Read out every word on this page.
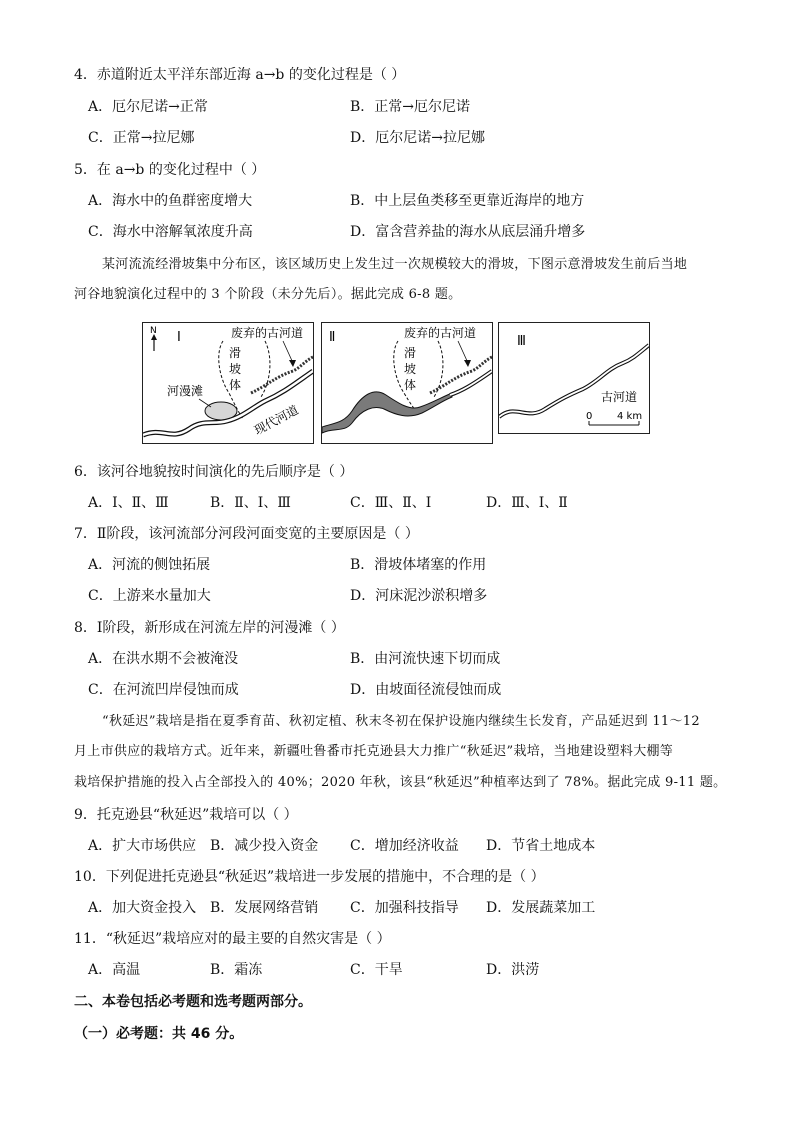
4．赤道附近太平洋东部近海 a→b 的变化过程是（ ）
A．厄尔尼诺→正常	B．正常→厄尔尼诺
C．正常→拉尼娜	D．厄尔尼诺→拉尼娜
5．在 a→b 的变化过程中（ ）
A．海水中的鱼群密度增大	B．中上层鱼类移至更靠近海岸的地方
C．海水中溶解氧浓度升高	D．富含营养盐的海水从底层涌升增多
某河流流经滑坡集中分布区，该区域历史上发生过一次规模较大的滑坡，下图示意滑坡发生前后当地
河谷地貌演化过程中的 3 个阶段（未分先后）。据此完成 6-8 题。
N Ⅰ	废弃的古河道
滑
坡
体
河漫滩
现代河道
Ⅱ	废弃的古河道
滑
坡
体
Ⅲ
古河道
0 4 km
6．该河谷地貌按时间演化的先后顺序是（ ）
A．Ⅰ、Ⅱ、Ⅲ	B．Ⅱ、Ⅰ、Ⅲ	C．Ⅲ、Ⅱ、Ⅰ	D．Ⅲ、Ⅰ、Ⅱ
7．Ⅱ阶段，该河流部分河段河面变宽的主要原因是（ ）
A．河流的侧蚀拓展	B．滑坡体堵塞的作用
C．上游来水量加大	D．河床泥沙淤积增多
8．Ⅰ阶段，新形成在河流左岸的河漫滩（ ）
A．在洪水期不会被淹没	B．由河流快速下切而成
C．在河流凹岸侵蚀而成	D．由坡面径流侵蚀而成
“秋延迟”栽培是指在夏季育苗、秋初定植、秋末冬初在保护设施内继续生长发育，产品延迟到 11～12
月上市供应的栽培方式。近年来，新疆吐鲁番市托克逊县大力推广“秋延迟”栽培，当地建设塑料大棚等
栽培保护措施的投入占全部投入的 40%；2020 年秋，该县“秋延迟”种植率达到了 78%。据此完成 9-11 题。
9．托克逊县“秋延迟”栽培可以（ ）
A．扩大市场供应 B．减少投入资金 C．增加经济收益 D．节省土地成本
10．下列促进托克逊县“秋延迟”栽培进一步发展的措施中，不合理的是（ ）
A．加大资金投入 B．发展网络营销 C．加强科技指导 D．发展蔬菜加工
11．“秋延迟”栽培应对的最主要的自然灾害是（ ）
A．高温	B．霜冻	C．干旱	D．洪涝
二、本卷包括必考题和选考题两部分。
（一）必考题：共 46 分。
